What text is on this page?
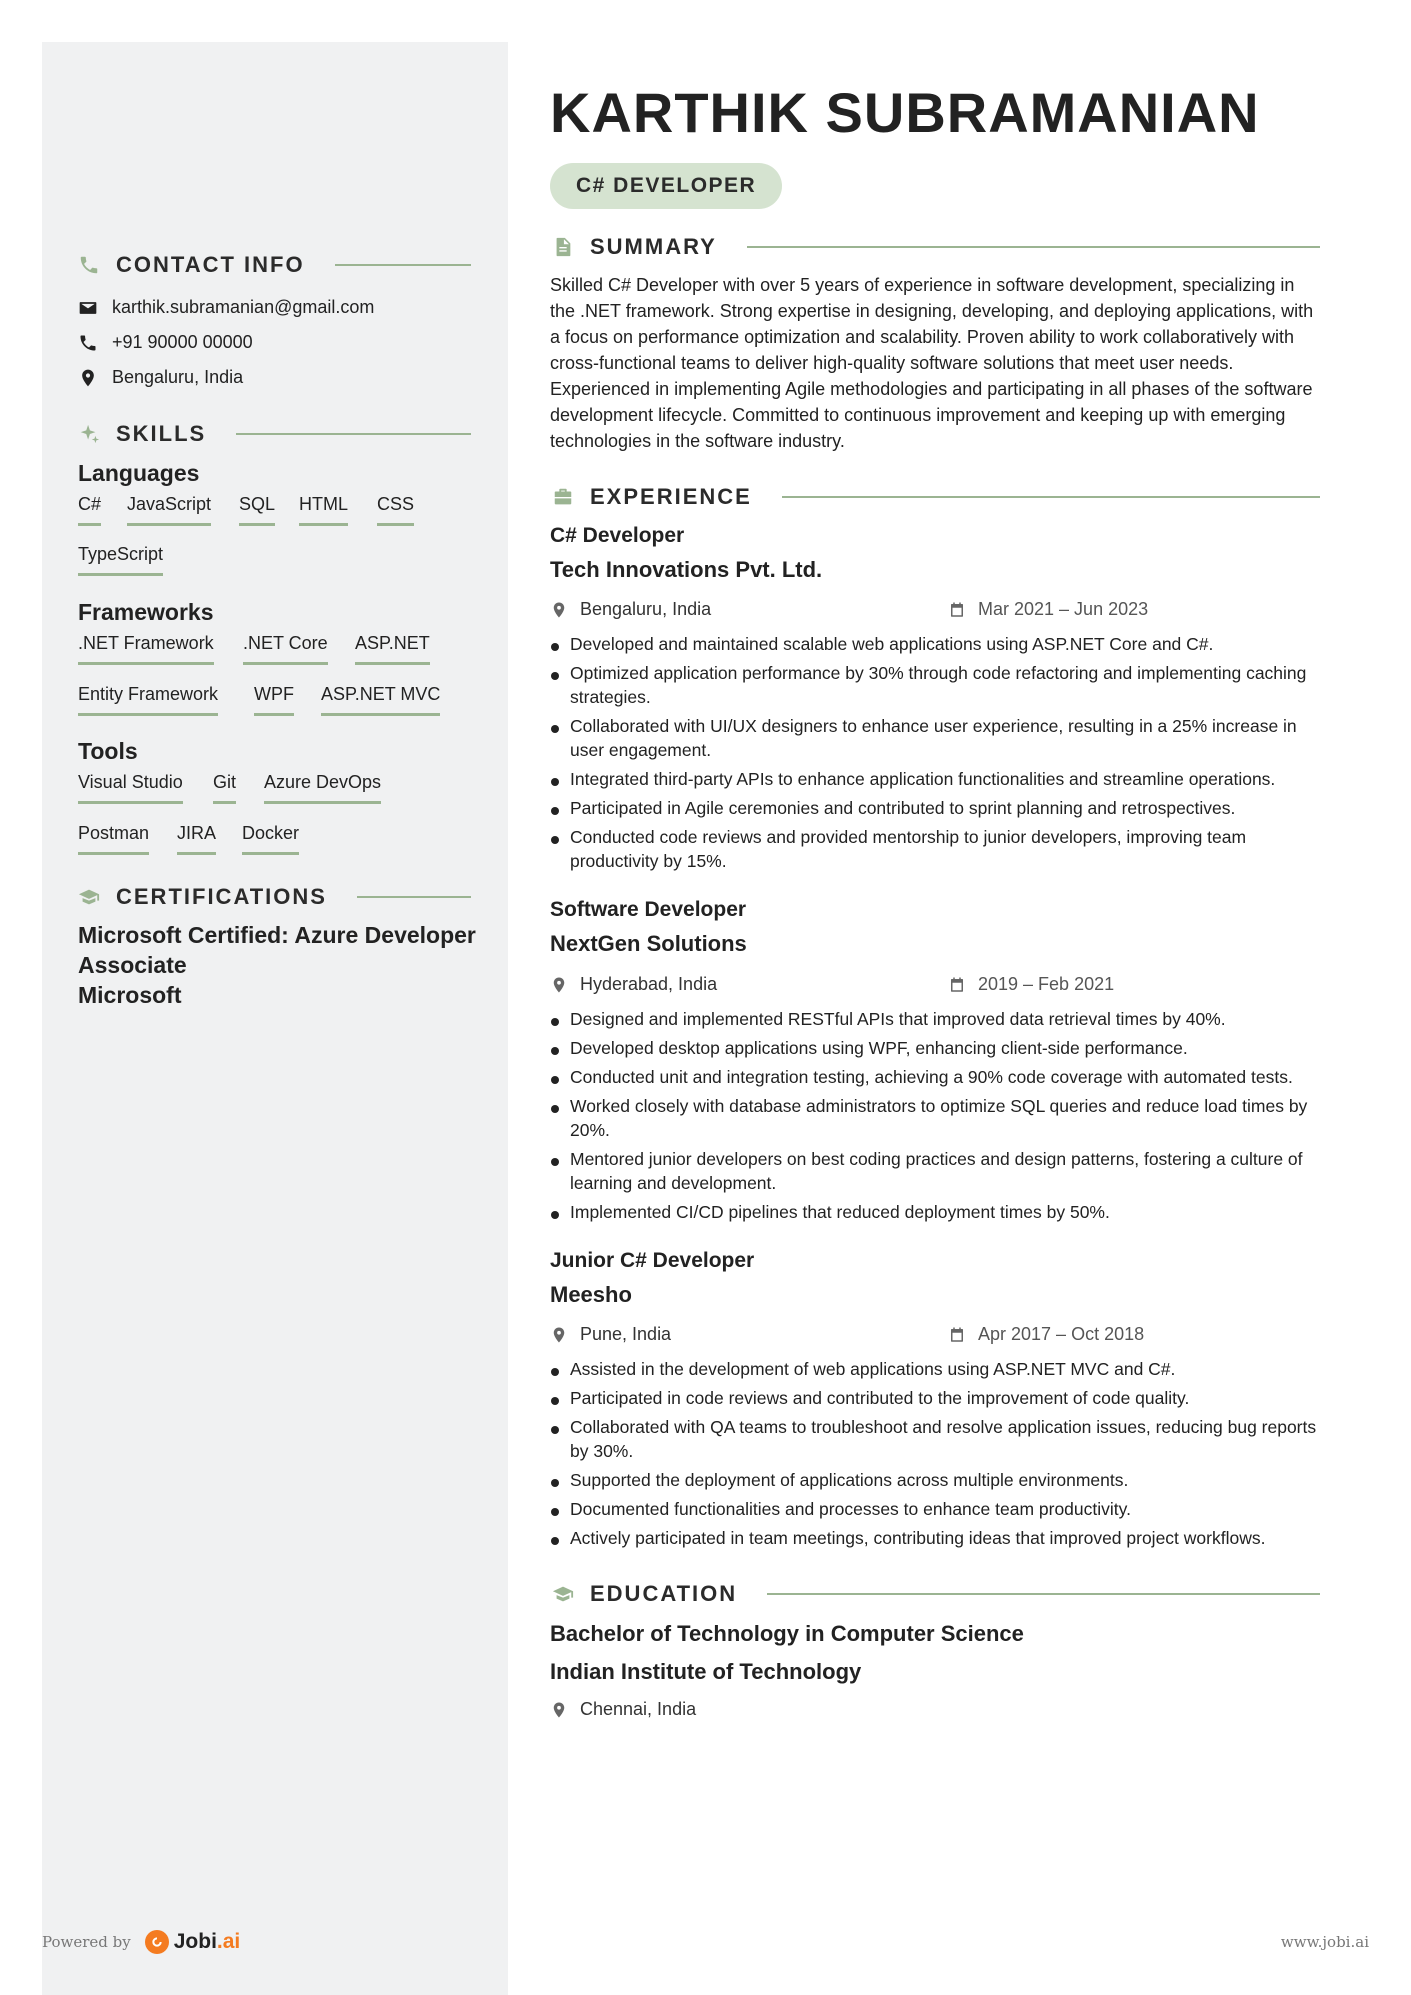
KARTHIK SUBRAMANIAN
C# DEVELOPER
CONTACT INFO
karthik.subramanian@gmail.com
+91 90000 00000
Bengaluru, India
SKILLS
Languages
C# JavaScript SQL HTML CSS
TypeScript
Frameworks
.NET Framework .NET Core ASP.NET
Entity Framework WPF ASP.NET MVC
Tools
Visual Studio Git Azure DevOps
Postman JIRA Docker
CERTIFICATIONS
Microsoft Certified: Azure Developer Associate
Microsoft
SUMMARY

Skilled C# Developer with over 5 years of experience in software development, specializing in the .NET framework. Strong expertise in designing, developing, and deploying applications, with a focus on performance optimization and scalability. Proven ability to work collaboratively with cross-functional teams to deliver high-quality software solutions that meet user needs. Experienced in implementing Agile methodologies and participating in all phases of the software development lifecycle. Committed to continuous improvement and keeping up with emerging technologies in the software industry.

EXPERIENCE
C# Developer
Tech Innovations Pvt. Ltd.
Bengaluru, India	Mar 2021 – Jun 2023
Developed and maintained scalable web applications using ASP.NET Core and C#.
Optimized application performance by 30% through code refactoring and implementing caching strategies.
Collaborated with UI/UX designers to enhance user experience, resulting in a 25% increase in user engagement.
Integrated third-party APIs to enhance application functionalities and streamline operations.
Participated in Agile ceremonies and contributed to sprint planning and retrospectives.
Conducted code reviews and provided mentorship to junior developers, improving team productivity by 15%.
Software Developer
NextGen Solutions
Hyderabad, India	2019 – Feb 2021
Designed and implemented RESTful APIs that improved data retrieval times by 40%.
Developed desktop applications using WPF, enhancing client-side performance.
Conducted unit and integration testing, achieving a 90% code coverage with automated tests.
Worked closely with database administrators to optimize SQL queries and reduce load times by 20%.
Mentored junior developers on best coding practices and design patterns, fostering a culture of learning and development.
Implemented CI/CD pipelines that reduced deployment times by 50%.
Junior C# Developer
Meesho
Pune, India	Apr 2017 – Oct 2018
Assisted in the development of web applications using ASP.NET MVC and C#.
Participated in code reviews and contributed to the improvement of code quality.
Collaborated with QA teams to troubleshoot and resolve application issues, reducing bug reports by 30%.
Supported the deployment of applications across multiple environments.
Documented functionalities and processes to enhance team productivity.
Actively participated in team meetings, contributing ideas that improved project workflows.
EDUCATION
Bachelor of Technology in Computer Science
Indian Institute of Technology
Chennai, India
Powered by Jobi .ai	www.jobi.ai
